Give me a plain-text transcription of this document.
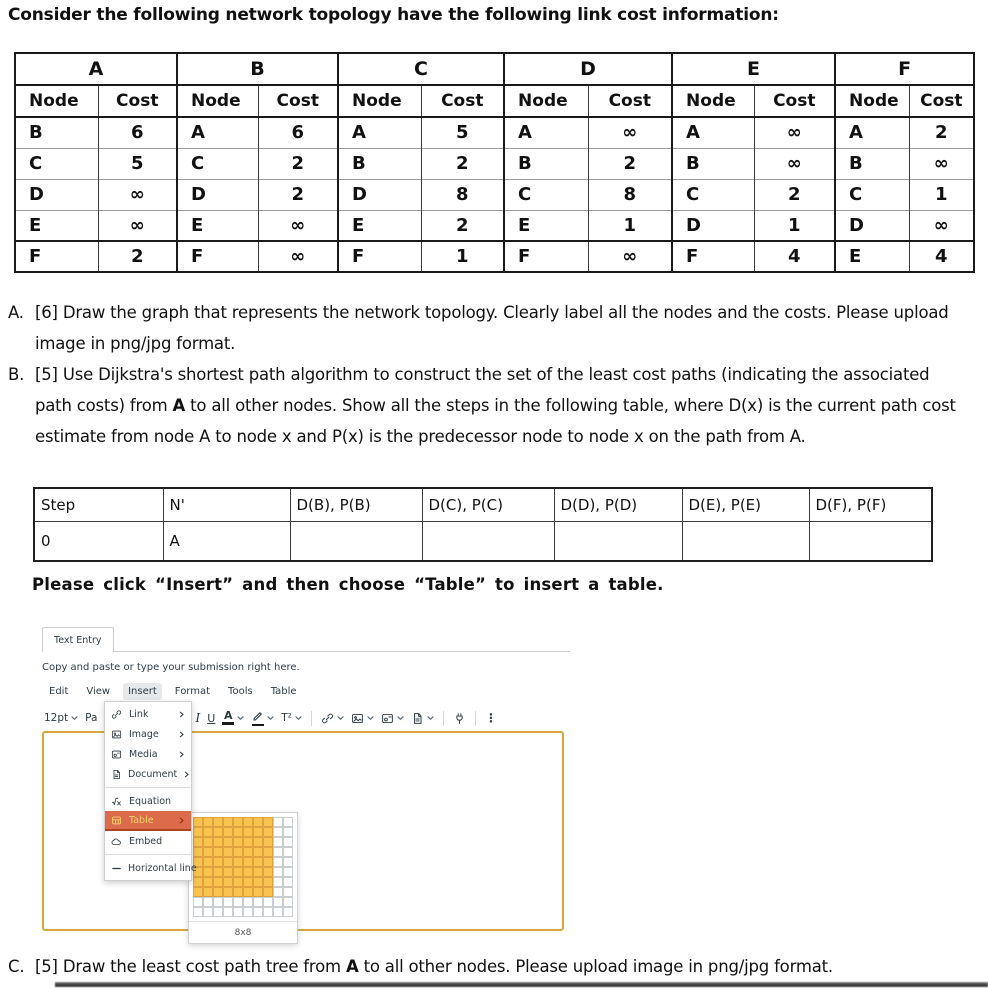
Consider the following network topology have the following link cost information:
A		B		C		D		E		F	
Node	Cost	Node	Cost	Node	Cost	Node	Cost	Node	Cost	Node	Cost
B	6	A	6	A	5	A	∞	A	∞	A	2
C	5	C	2	B	2	B	2	B	∞	B	∞
D	∞	D	2	D	8	C	8	C	2	C	1
E	∞	E	∞	E	2	E	1	D	1	D	∞
F	2	F	∞	F	1	F	∞	F	4	E	4
A. [6] Draw the graph that represents the network topology. Clearly label all the nodes and the costs. Please upload image in png/jpg format.
B. [5] Use Dijkstra's shortest path algorithm to construct the set of the least cost paths (indicating the associated path costs) from A to all other nodes. Show all the steps in the following table, where D(x) is the current path cost estimate from node A to node x and P(x) is the predecessor node to node x on the path from A.
Step	N'	D(B), P(B)	D(C), P(C)	D(D), P(D)	D(E), P(E)	D(F), P(F)
0	A					
Please click “Insert” and then choose “Table” to insert a table.
Text Entry
Copy and paste or type your submission right here.
Edit	View	Insert	Format	Tools	Table
12pt Pa	I U A	T²	⋮
Link
Image
Media
Document
Equation
Table
Embed
Horizontal line
8x8
C. [5] Draw the least cost path tree from A to all other nodes. Please upload image in png/jpg format.
